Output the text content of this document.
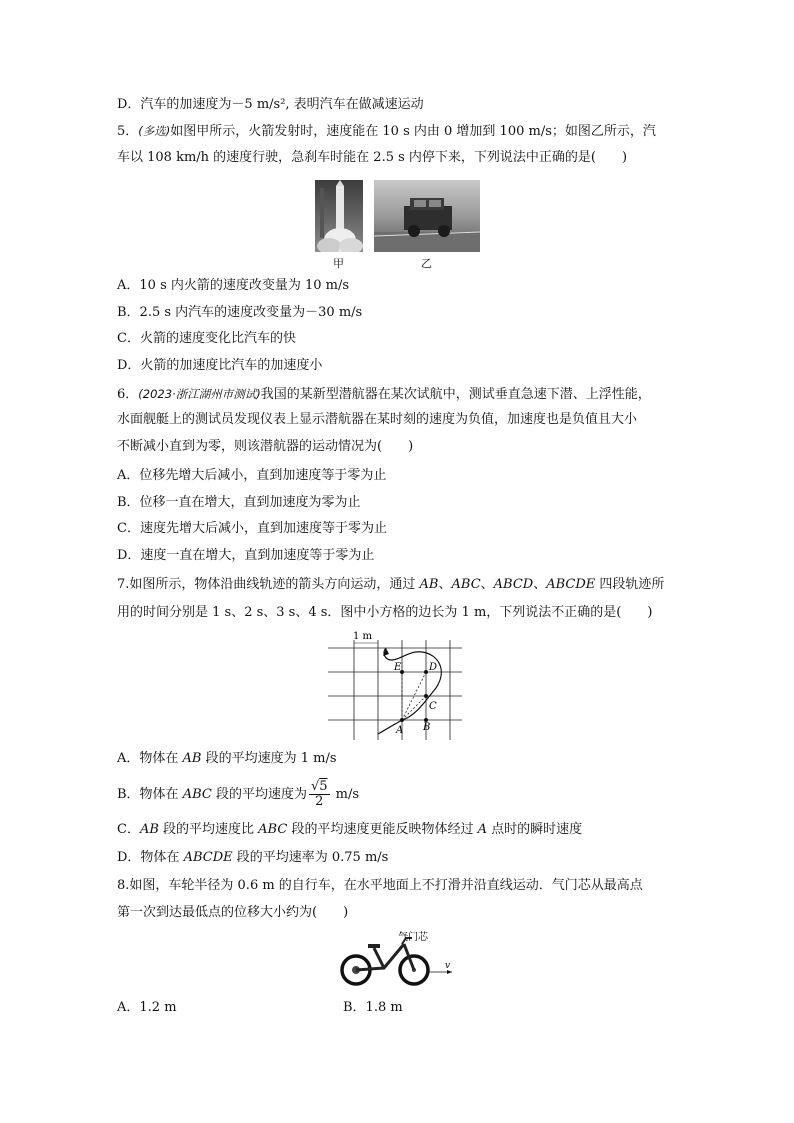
D．汽车的加速度为－5 m/s², 表明汽车在做减速运动
5．(多选)如图甲所示，火箭发射时，速度能在 10 s 内由 0 增加到 100 m/s；如图乙所示，汽
车以 108 km/h 的速度行驶，急刹车时能在 2.5 s 内停下来，下列说法中正确的是(　　)
甲	乙
A．10 s 内火箭的速度改变量为 10 m/s
B．2.5 s 内汽车的速度改变量为－30 m/s
C．火箭的速度变化比汽车的快
D．火箭的加速度比汽车的加速度小
6．(2023·浙江湖州市测试)我国的某新型潜航器在某次试航中，测试垂直急速下潜、上浮性能，
水面舰艇上的测试员发现仪表上显示潜航器在某时刻的速度为负值，加速度也是负值且大小
不断减小直到为零，则该潜航器的运动情况为(　　)
A．位移先增大后减小，直到加速度等于零为止
B．位移一直在增大，直到加速度为零为止
C．速度先增大后减小，直到加速度等于零为止
D．速度一直在增大，直到加速度等于零为止
7.如图所示，物体沿曲线轨迹的箭头方向运动，通过 AB、ABC、ABCD、ABCDE 四段轨迹所
用的时间分别是 1 s、2 s、3 s、4 s．图中小方格的边长为 1 m，下列说法不正确的是(　　)
1 m
A B
C
D
E
A．物体在 AB 段的平均速度为 1 m/s
B．物体在 ABC 段的平均速度为 $\frac{√5}{2} m/s$
C．AB 段的平均速度比 ABC 段的平均速度更能反映物体经过 A 点时的瞬时速度
D．物体在 ABCDE 段的平均速率为 0.75 m/s
8.如图，车轮半径为 0.6 m 的自行车，在水平地面上不打滑并沿直线运动．气门芯从最高点
第一次到达最低点的位移大小约为(　　)
气门芯
v
A．1.2 m	B．1.8 m
